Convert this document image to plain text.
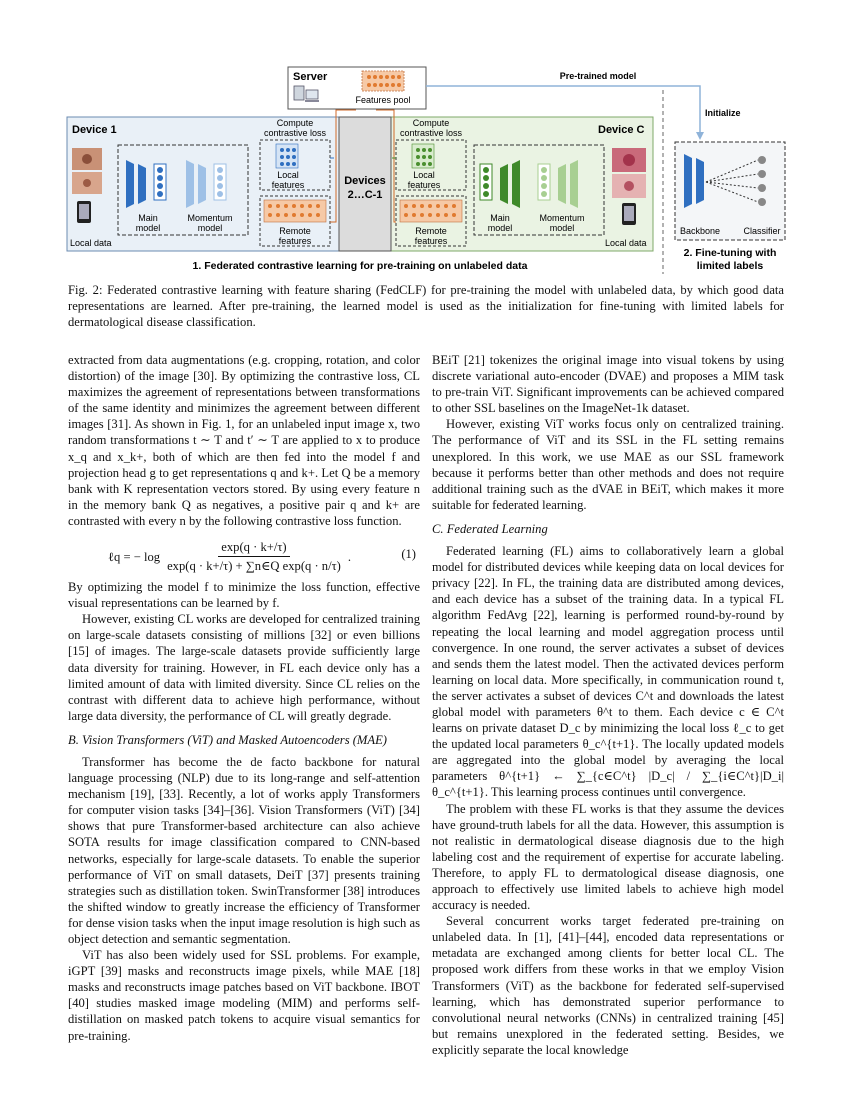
Device 1	Device C
Devices
2…C-1
Server
Features pool
Pre-trained model
Initialize
Local data
Main
model
Momentum
model
Compute
contrastive loss
Local
features
Remote
features
Compute
contrastive loss
Local
features
Remote
features
Main
model
Momentum
model
Local data
Backbone	Classifier
1. Federated contrastive learning for pre-training on unlabeled data
2. Fine-tuning with
limited labels
Fig. 2: Federated contrastive learning with feature sharing (FedCLF) for pre-training the model with unlabeled data, by which good data representations are learned. After pre-training, the learned model is used as the initialization for fine-tuning with limited labels for dermatological disease classification.

extracted from data augmentations (e.g. cropping, rotation, and color distortion) of the image [30]. By optimizing the contrastive loss, CL maximizes the agreement of representations between transformations of the same identity and minimizes the agreement between different images [31]. As shown in Fig. 1, for an unlabeled input image x, two random transformations t ∼ T and t′ ∼ T are applied to x to produce x_q and x_k+, both of which are then fed into the model f and projection head g to get representations q and k+. Let Q be a memory bank with K representation vectors stored. By using every feature n in the memory bank Q as negatives, a positive pair q and k+ are contrasted with every n by the following contrastive loss function.

ℓq = − $\log \frac{\exp(q \cdot k+/\tau)}{\text{exp(q · k+/τ) + ∑n∈Q exp(q · n/τ)}}$ .	(1)

By optimizing the model f to minimize the loss function, effective visual representations can be learned by f.

However, existing CL works are developed for centralized training on large-scale datasets consisting of millions [32] or even billions [15] of images. The large-scale datasets provide sufficiently large data diversity for training. However, in FL each device only has a limited amount of data with limited diversity. Since CL relies on the contrast with different data to achieve high performance, without large data diversity, the performance of CL will greatly degrade.

B. Vision Transformers (ViT) and Masked Autoencoders (MAE)

Transformer has become the de facto backbone for natural language processing (NLP) due to its long-range and self-attention mechanism [19], [33]. Recently, a lot of works apply Transformers for computer vision tasks [34]–[36]. Vision Transformers (ViT) [34] shows that pure Transformer-based architecture can also achieve SOTA results for image classification compared to CNN-based networks, especially for large-scale datasets. To enable the superior performance of ViT on small datasets, DeiT [37] presents training strategies such as distillation token. SwinTransformer [38] introduces the shifted window to greatly increase the efficiency of Transformer for dense vision tasks when the input image resolution is high such as object detection and semantic segmentation.

ViT has also been widely used for SSL problems. For example, iGPT [39] masks and reconstructs image pixels, while MAE [18] masks and reconstructs image patches based on ViT backbone. IBOT [40] studies masked image modeling (MIM) and performs self-distillation on masked patch tokens to acquire visual semantics for pre-training.

BEiT [21] tokenizes the original image into visual tokens by using discrete variational auto-encoder (DVAE) and proposes a MIM task to pre-train ViT. Significant improvements can be achieved compared to other SSL baselines on the ImageNet-1k dataset.

However, existing ViT works focus only on centralized training. The performance of ViT and its SSL in the FL setting remains unexplored. In this work, we use MAE as our SSL framework because it performs better than other methods and does not require additional training such as the dVAE in BEiT, which makes it more suitable for federated learning.

C. Federated Learning

Federated learning (FL) aims to collaboratively learn a global model for distributed devices while keeping data on local devices for privacy [22]. In FL, the training data are distributed among devices, and each device has a subset of the training data. In a typical FL algorithm FedAvg [22], learning is performed round-by-round by repeating the local learning and model aggregation process until convergence. In one round, the server activates a subset of devices and sends them the latest model. Then the activated devices perform learning on local data. More specifically, in communication round t, the server activates a subset of devices C^t and downloads the latest global model with parameters θ^t to them. Each device c ∈ C^t learns on private dataset D_c by minimizing the local loss ℓ_c to get the updated local parameters θ_c^{t+1}. The locally updated models are aggregated into the global model by averaging the local parameters θ^{t+1} ← ∑_{c∈C^t} |D_c| / ∑_{i∈C^t}|D_i| θ_c^{t+1}. This learning process continues until convergence.

The problem with these FL works is that they assume the devices have ground-truth labels for all the data. However, this assumption is not realistic in dermatological disease diagnosis due to the high labeling cost and the requirement of expertise for accurate labeling. Therefore, to apply FL to dermatological disease diagnosis, one approach to effectively use limited labels to achieve high model accuracy is needed.

Several concurrent works target federated pre-training on unlabeled data. In [1], [41]–[44], encoded data representations or metadata are exchanged among clients for better local CL. The proposed work differs from these works in that we employ Vision Transformers (ViT) as the backbone for federated self-supervised learning, which has demonstrated superior performance to convolutional neural networks (CNNs) in centralized training [45] but remains unexplored in the federated setting. Besides, we explicitly separate the local knowledge
